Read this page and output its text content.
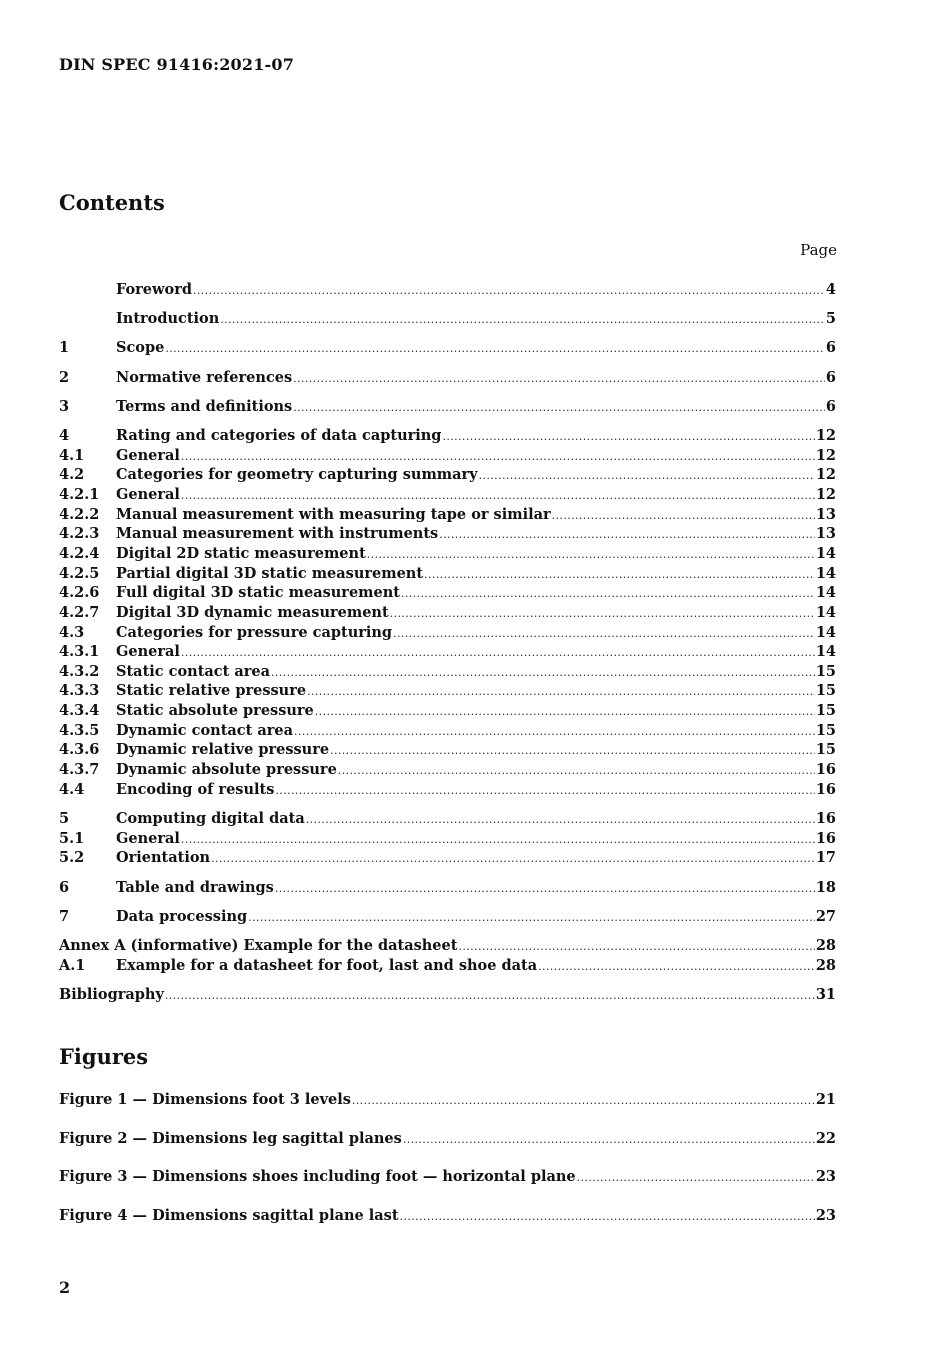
DIN SPEC 91416:2021-07
Contents
Page
Foreword .....	4
Introduction .....	5
1	Scope .....	6
2	Normative references .....	6
3	Terms and definitions .....	6
4	Rating and categories of data capturing .....	12
4.1	General .....	12
4.2	Categories for geometry capturing summary .....	12
4.2.1	General .....	12
4.2.2	Manual measurement with measuring tape or similar .....	13
4.2.3	Manual measurement with instruments .....	13
4.2.4	Digital 2D static measurement .....	14
4.2.5	Partial digital 3D static measurement .....	14
4.2.6	Full digital 3D static measurement .....	14
4.2.7	Digital 3D dynamic measurement .....	14
4.3	Categories for pressure capturing .....	14
4.3.1	General .....	14
4.3.2	Static contact area .....	15
4.3.3	Static relative pressure .....	15
4.3.4	Static absolute pressure .....	15
4.3.5	Dynamic contact area .....	15
4.3.6	Dynamic relative pressure .....	15
4.3.7	Dynamic absolute pressure .....	16
4.4	Encoding of results .....	16
5	Computing digital data .....	16
5.1	General .....	16
5.2	Orientation .....	17
6	Table and drawings .....	18
7	Data processing .....	27
Annex A (informative) Example for the datasheet .....	28
A.1	Example for a datasheet for foot, last and shoe data .....	28
Bibliography .....	31
Figures
Figure 1 — Dimensions foot 3 levels .....	21
Figure 2 — Dimensions leg sagittal planes .....	22
Figure 3 — Dimensions shoes including foot — horizontal plane .....	23
Figure 4 — Dimensions sagittal plane last .....	23
2
